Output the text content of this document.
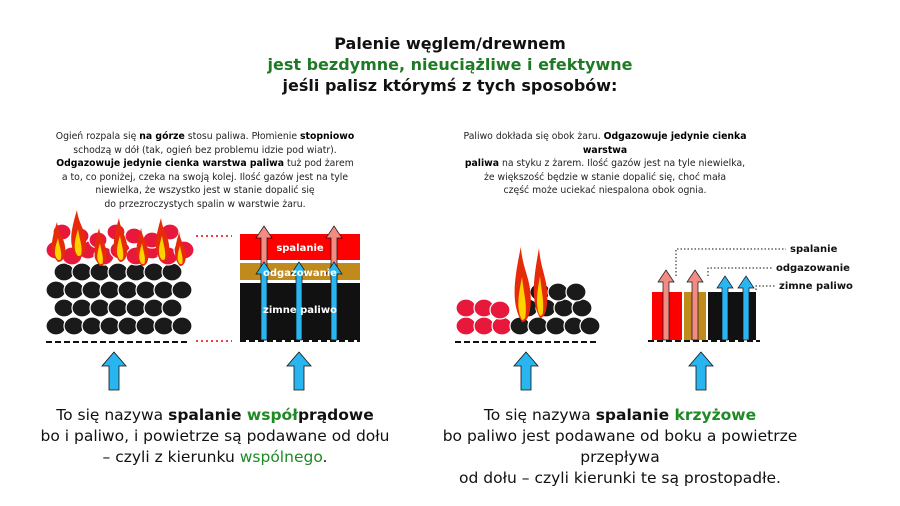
Palenie węglem/drewnem
jest bezdymne, nieuciążliwe i efektywne
jeśli palisz którymś z tych sposobów:
Ogień rozpala się na górze stosu paliwa. Płomienie stopniowo
schodzą w dół (tak, ogień bez problemu idzie pod wiatr).
Odgazowuje jedynie cienka warstwa paliwa tuż pod żarem
a to, co poniżej, czeka na swoją kolej. Ilość gazów jest na tyle
niewielka, że wszystko jest w stanie dopalić się
do przezroczystych spalin w warstwie żaru.
Paliwo dokłada się obok żaru. Odgazowuje jedynie cienka warstwa
paliwa na styku z żarem. Ilość gazów jest na tyle niewielka,
że większość będzie w stanie dopalić się, choć mała
część może uciekać niespalona obok ognia.
spalanie
odgazowanie
zimne paliwo
spalanie
odgazowanie
zimne paliwo
To się nazywa spalanie współprądowe
bo i paliwo, i powietrze są podawane od dołu
– czyli z kierunku wspólnego.
To się nazywa spalanie krzyżowe
bo paliwo jest podawane od boku a powietrze przepływa
od dołu – czyli kierunki te są prostopadłe.
